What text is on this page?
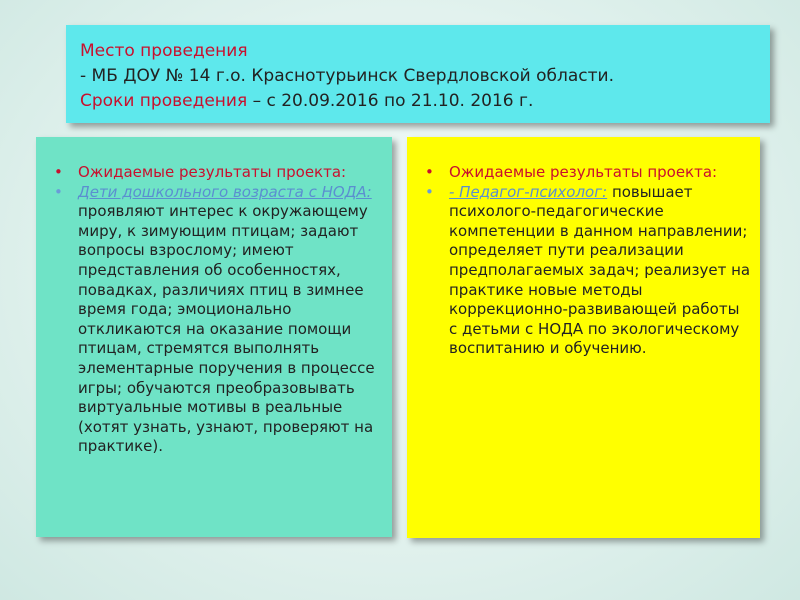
Место проведения
- МБ ДОУ № 14 г.о. Краснотурьинск Свердловской области.
Сроки проведения – с 20.09.2016 по 21.10. 2016 г.
• Ожидаемые результаты проекта:
• Дети дошкольного возраста с НОДА: проявляют интерес к окружающему миру, к зимующим птицам; задают вопросы взрослому; имеют представления об особенностях, повадках, различиях птиц в зимнее время года; эмоционально откликаются на оказание помощи птицам, стремятся выполнять элементарные поручения в процессе игры; обучаются преобразовывать виртуальные мотивы в реальные (хотят узнать, узнают, проверяют на практике).
• Ожидаемые результаты проекта:
• - Педагог-психолог: повышает психолого-педагогические компетенции в данном направлении; определяет пути реализации предполагаемых задач; реализует на практике новые методы коррекционно-развивающей работы с детьми с НОДА по экологическому воспитанию и обучению.
